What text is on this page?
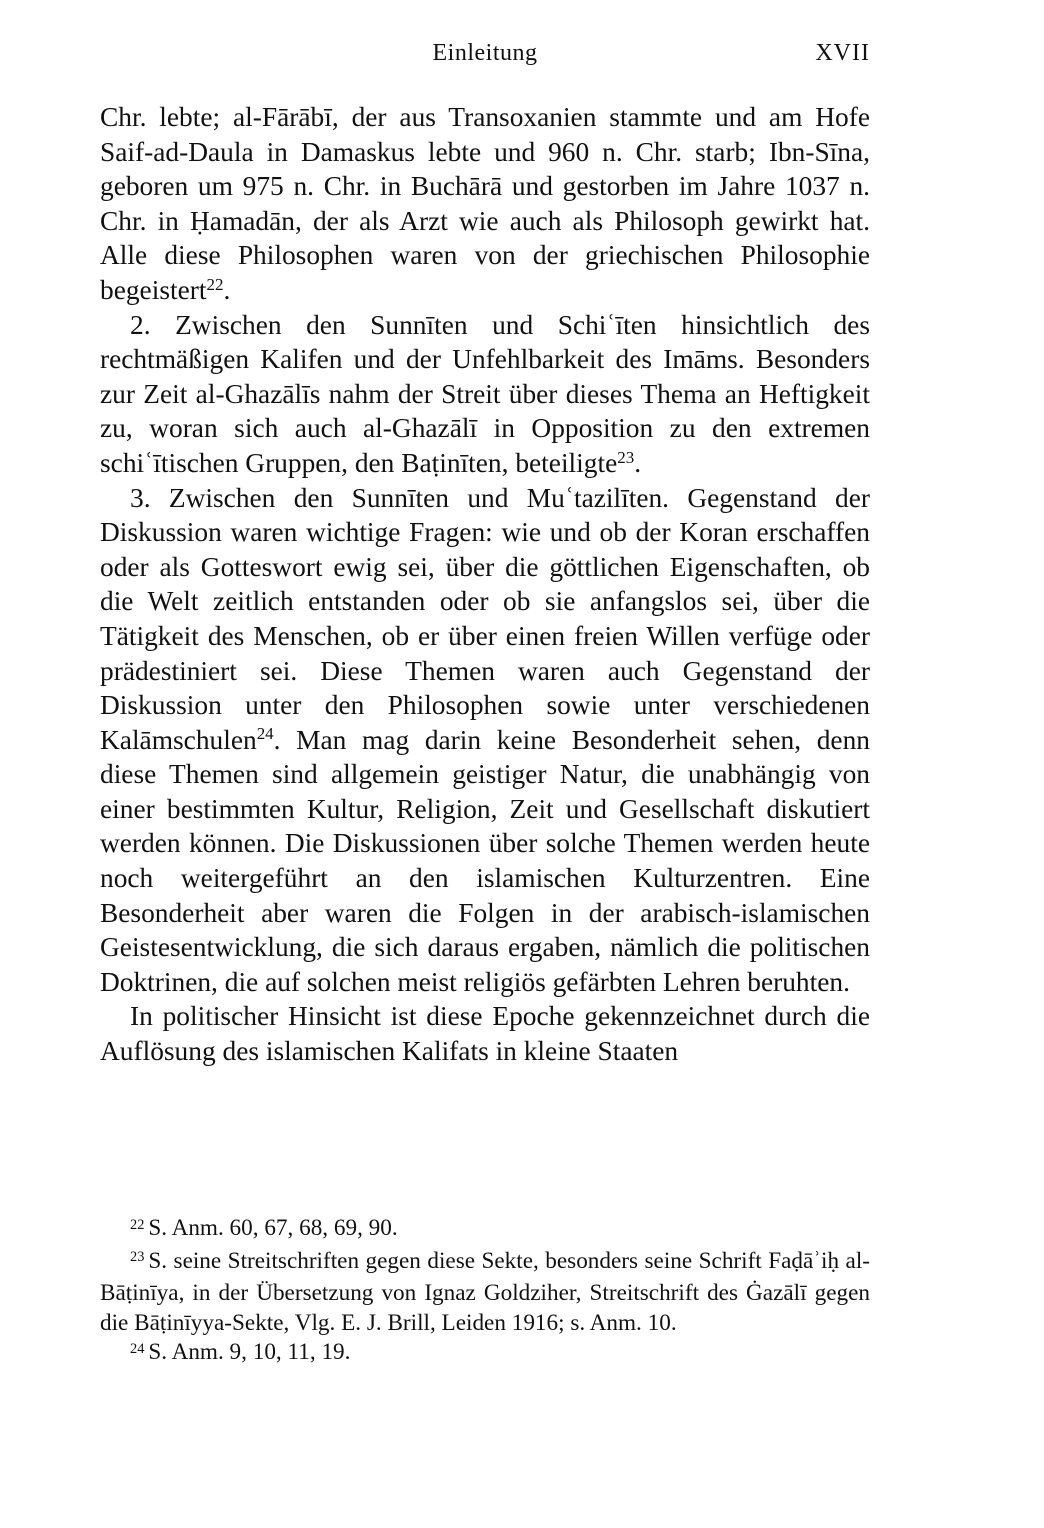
Einleitung	XVII

Chr. lebte; al-Fārābī, der aus Transoxanien stammte und am Hofe Saif-ad-Daula in Damaskus lebte und 960 n. Chr. starb; Ibn-Sīna, geboren um 975 n. Chr. in Buchārā und gestorben im Jahre 1037 n. Chr. in Ḥamadān, der als Arzt wie auch als Philosoph gewirkt hat. Alle diese Philosophen waren von der griechischen Philosophie begeistert$^{22}$.

2. Zwischen den Sunnīten und Schiʿīten hinsichtlich des rechtmäßigen Kalifen und der Unfehlbarkeit des Imāms. Besonders zur Zeit al-Ghazālīs nahm der Streit über dieses Thema an Heftigkeit zu, woran sich auch al-Ghazālī in Opposition zu den extremen schiʿītischen Gruppen, den Baṭinīten, beteiligte$^{23}$.

3. Zwischen den Sunnīten und Muʿtazilīten. Gegenstand der Diskussion waren wichtige Fragen: wie und ob der Koran erschaffen oder als Gotteswort ewig sei, über die göttlichen Eigenschaften, ob die Welt zeitlich entstanden oder ob sie anfangslos sei, über die Tätigkeit des Menschen, ob er über einen freien Willen verfüge oder prädestiniert sei. Diese Themen waren auch Gegenstand der Diskussion unter den Philosophen sowie unter verschiedenen Kalāmschulen$^{24}$. Man mag darin keine Besonderheit sehen, denn diese Themen sind allgemein geistiger Natur, die unabhängig von einer bestimmten Kultur, Religion, Zeit und Gesellschaft diskutiert werden können. Die Diskussionen über solche Themen werden heute noch weitergeführt an den islamischen Kulturzentren. Eine Besonderheit aber waren die Folgen in der arabisch-islamischen Geistesentwicklung, die sich daraus ergaben, nämlich die politischen Doktrinen, die auf solchen meist religiös gefärbten Lehren beruhten.

In politischer Hinsicht ist diese Epoche gekennzeichnet durch die Auflösung des islamischen Kalifats in kleine Staaten

$^{22}$ S. Anm. 60, 67, 68, 69, 90.

$^{23}$ S. seine Streitschriften gegen diese Sekte, besonders seine Schrift Faḍāʾiḥ al-Bāṭinīya, in der Übersetzung von Ignaz Goldziher, Streitschrift des Ġazālī gegen die Bāṭinīyya-Sekte, Vlg. E. J. Brill, Leiden 1916; s. Anm. 10.

$^{24}$ S. Anm. 9, 10, 11, 19.
